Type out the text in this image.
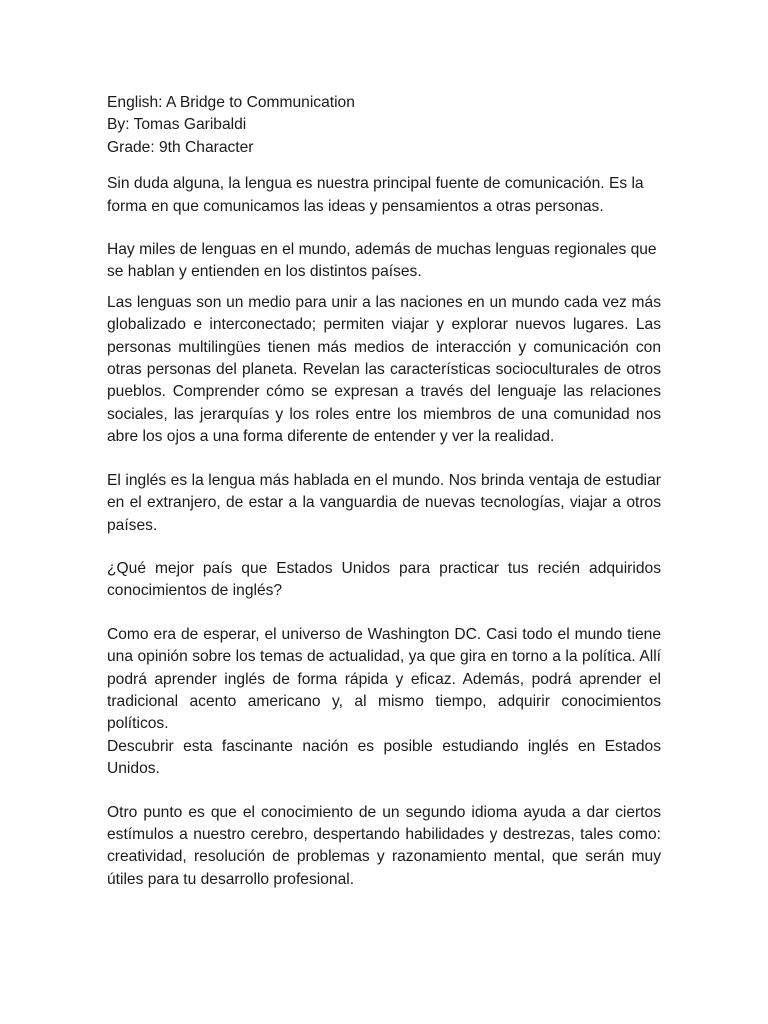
English: A Bridge to Communication

By: Tomas Garibaldi

Grade: 9th Character

Sin duda alguna, la lengua es nuestra principal fuente de comunicación. Es la forma en que comunicamos las ideas y pensamientos a otras personas.

Hay miles de lenguas en el mundo, además de muchas lenguas regionales que se hablan y entienden en los distintos países.

Las lenguas son un medio para unir a las naciones en un mundo cada vez más globalizado e interconectado; permiten viajar y explorar nuevos lugares. Las personas multilingües tienen más medios de interacción y comunicación con otras personas del planeta. Revelan las características socioculturales de otros pueblos. Comprender cómo se expresan a través del lenguaje las relaciones sociales, las jerarquías y los roles entre los miembros de una comunidad nos abre los ojos a una forma diferente de entender y ver la realidad.

El inglés es la lengua más hablada en el mundo. Nos brinda ventaja de estudiar en el extranjero, de estar a la vanguardia de nuevas tecnologías, viajar a otros países.

¿Qué mejor país que Estados Unidos para practicar tus recién adquiridos conocimientos de inglés?

Como era de esperar, el universo de Washington DC. Casi todo el mundo tiene una opinión sobre los temas de actualidad, ya que gira en torno a la política. Allí podrá aprender inglés de forma rápida y eficaz. Además, podrá aprender el tradicional acento americano y, al mismo tiempo, adquirir conocimientos políticos.

Descubrir esta fascinante nación es posible estudiando inglés en Estados Unidos.

Otro punto es que el conocimiento de un segundo idioma ayuda a dar ciertos estímulos a nuestro cerebro, despertando habilidades y destrezas, tales como: creatividad, resolución de problemas y razonamiento mental, que serán muy útiles para tu desarrollo profesional.
